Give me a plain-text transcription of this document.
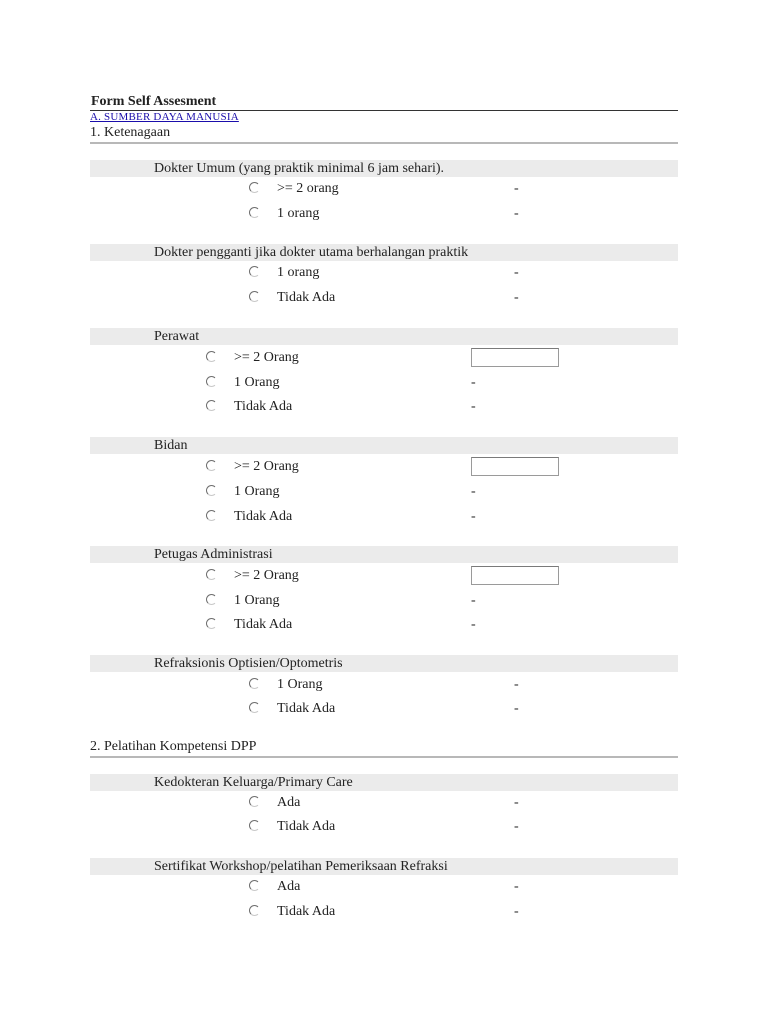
Form Self Assesment
A. SUMBER DAYA MANUSIA
1. Ketenagaan
Dokter Umum (yang praktik minimal 6 jam sehari).
>= 2 orang	-
1 orang	-
Dokter pengganti jika dokter utama berhalangan praktik
1 orang	-
Tidak Ada	-
Perawat
>= 2 Orang
1 Orang	-
Tidak Ada	-
Bidan
>= 2 Orang
1 Orang	-
Tidak Ada	-
Petugas Administrasi
>= 2 Orang
1 Orang	-
Tidak Ada	-
Refraksionis Optisien/Optometris
1 Orang	-
Tidak Ada	-
2. Pelatihan Kompetensi DPP
Kedokteran Keluarga/Primary Care
Ada	-
Tidak Ada	-
Sertifikat Workshop/pelatihan Pemeriksaan Refraksi
Ada	-
Tidak Ada	-
